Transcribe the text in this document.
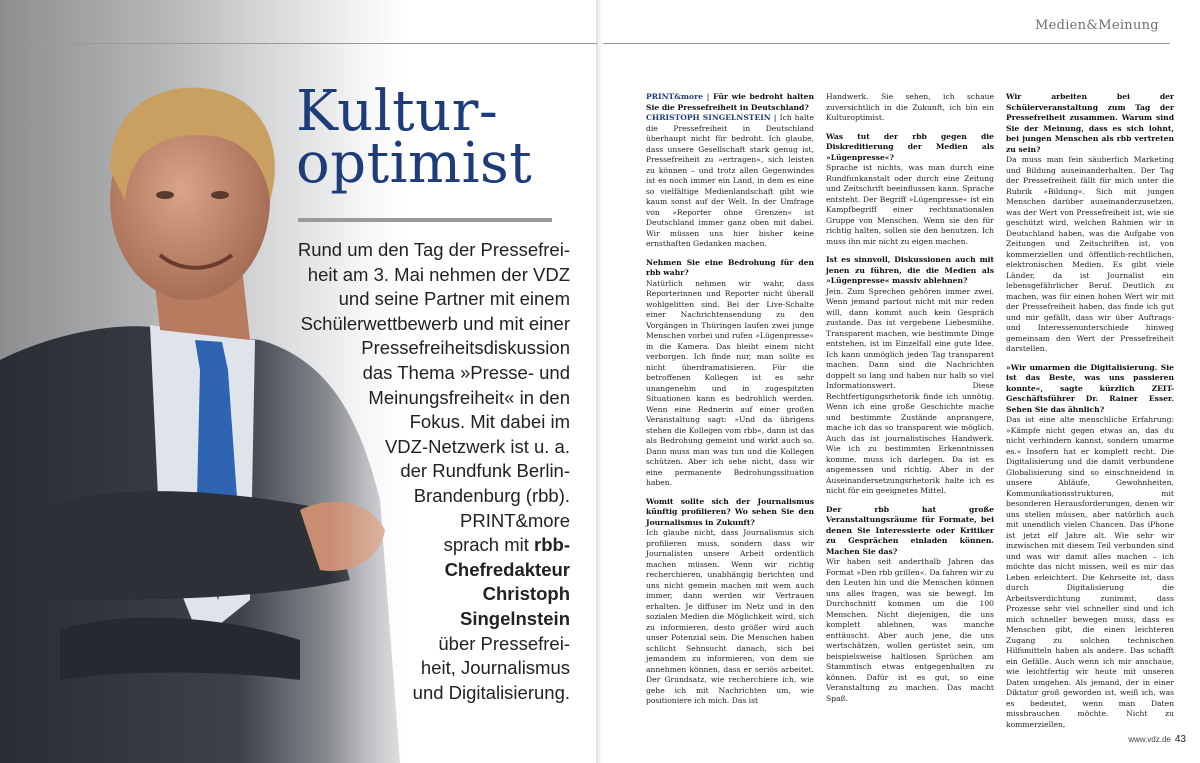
Kultur-
optimist
Rund um den Tag der Pressefrei-
heit am 3. Mai nehmen der VDZ
und seine Partner mit einem
Schülerwettbewerb und mit einer
Pressefreiheitsdiskussion
das Thema »Presse- und
Meinungsfreiheit« in den
Fokus. Mit dabei im
VDZ-Netzwerk ist u. a.
der Rundfunk Berlin-
Brandenburg (rbb).
PRINT&more
sprach mit rbb-
Chefredakteur
Christoph
Singelnstein
über Pressefrei-
heit, Journalismus
und Digitalisierung.
Medien&Meinung

PRINT&more | Für wie bedroht halten Sie die Pressefreiheit in Deutschland?

CHRISTOPH SINGELNSTEIN | Ich halte die Pressefreiheit in Deutschland überhaupt nicht für bedroht. Ich glaube, dass unsere Gesellschaft stark genug ist, Pressefreiheit zu »ertragen«, sich leisten zu können – und trotz allen Gegenwindes ist es noch immer ein Land, in dem es eine so vielfältige Medienlandschaft gibt wie kaum sonst auf der Welt. In der Umfrage von »Reporter ohne Grenzen« ist Deutschland immer ganz oben mit dabei. Wir müssen uns hier bisher keine ernsthaften Gedanken machen.

Nehmen Sie eine Bedrohung für den rbb wahr?

Natürlich nehmen wir wahr, dass Reporterinnen und Reporter nicht überall wohlgelitten sind. Bei der Live-Schalte einer Nachrichtensendung zu den Vorgängen in Thüringen laufen zwei junge Menschen vorbei und rufen »Lügenpresse« in die Kamera. Das bleibt einem nicht verborgen. Ich finde nur, man sollte es nicht überdramatisieren. Für die betroffenen Kollegen ist es sehr unangenehm und in zugespitzten Situationen kann es bedrohlich werden. Wenn eine Rednerin auf einer großen Veranstaltung sagt: »Und da übrigens stehen die Kollegen vom rbb«, dann ist das als Bedrohung gemeint und wirkt auch so. Dann muss man was tun und die Kollegen schützen. Aber ich sehe nicht, dass wir eine permanente Bedrohungssituation haben.

Womit sollte sich der Journalismus künftig profilieren? Wo sehen Sie den Journalismus in Zukunft?

Ich glaube nicht, dass Journalismus sich profilieren muss, sondern dass wir Journalisten unsere Arbeit ordentlich machen müssen. Wenn wir richtig recherchieren, unabhängig berichten und uns nicht gemein machen mit wem auch immer, dann werden wir Vertrauen erhalten. Je diffuser im Netz und in den sozialen Medien die Möglichkeit wird, sich zu informieren, desto größer wird auch unser Potenzial sein. Die Menschen haben schlicht Sehnsucht danach, sich bei jemandem zu informieren, von dem sie annehmen können, dass er seriös arbeitet. Der Grundsatz, wie recherchiere ich, wie gehe ich mit Nachrichten um, wie positioniere ich mich. Das ist

Handwerk. Sie sehen, ich schaue zuversichtlich in die Zukunft, ich bin ein Kulturoptimist.

Was tut der rbb gegen die Diskreditierung der Medien als »Lügenpresse«?

Sprache ist nichts, was man durch eine Rundfunkanstalt oder durch eine Zeitung und Zeitschrift beeinflussen kann. Sprache entsteht. Der Begriff »Lügenpresse« ist ein Kampfbegriff einer rechtsnationalen Gruppe von Menschen. Wenn sie den für richtig halten, sollen sie den benutzen. Ich muss ihn mir nicht zu eigen machen.

Ist es sinnvoll, Diskussionen auch mit jenen zu führen, die die Medien als »Lügenpresse« massiv ablehnen?

Jein. Zum Sprechen gehören immer zwei. Wenn jemand partout nicht mit mir reden will, dann kommt auch kein Gespräch zustande. Das ist vergebene Liebesmühe. Transparent machen, wie bestimmte Dinge entstehen, ist im Einzelfall eine gute Idee. Ich kann unmöglich jeden Tag transparent machen. Dann sind die Nachrichten doppelt so lang und haben nur halb so viel Informationswert. Diese Rechtfertigungsrhetorik finde ich unnötig. Wenn ich eine große Geschichte mache und bestimmte Zustände anprangere, mache ich das so transparent wie möglich. Auch das ist journalistisches Handwerk. Wie ich zu bestimmten Erkenntnissen komme, muss ich darlegen. Da ist es angemessen und richtig. Aber in der Auseinandersetzungsrhetorik halte ich es nicht für ein geeignetes Mittel.

Der rbb hat große Veranstaltungsräume für Formate, bei denen Sie Interessierte oder Kritiker zu Gesprächen einladen können. Machen Sie das?

Wir haben seit anderthalb Jahren das Format »Den rbb grillen«. Da fahren wir zu den Leuten hin und die Menschen können uns alles fragen, was sie bewegt. Im Durchschnitt kommen um die 100 Menschen. Nicht diejenigen, die uns komplett ablehnen, was manche enttäuscht. Aber auch jene, die uns wertschätzen, wollen gerüstet sein, um beispielsweise haltlosen Sprüchen am Stammtisch etwas entgegenhalten zu können. Dafür ist es gut, so eine Veranstaltung zu machen. Das macht Spaß.

Wir arbeiten bei der Schülerveranstaltung zum Tag der Pressefreiheit zusammen. Warum sind Sie der Meinung, dass es sich lohnt, bei jungen Menschen als rbb vertreten zu sein?

Da muss man fein säuberlich Marketing und Bildung auseinanderhalten. Der Tag der Pressefreiheit fällt für mich unter die Rubrik »Bildung«. Sich mit jungen Menschen darüber auseinanderzusetzen, was der Wert von Pressefreiheit ist, wie sie geschützt wird, welchen Rahmen wir in Deutschland haben, was die Aufgabe von Zeitungen und Zeitschriften ist, von kommerziellen und öffentlich-rechtlichen, elektronischen Medien. Es gibt viele Länder, da ist Journalist ein lebensgefährlicher Beruf. Deutlich zu machen, was für einen hohen Wert wir mit der Pressefreiheit haben, das finde ich gut und mir gefällt, dass wir über Auftrags- und Interessenunterschiede hinweg gemeinsam den Wert der Pressefreiheit darstellen.

»Wir umarmen die Digitalisierung. Sie ist das Beste, was uns passieren konnte«, sagte kürzlich ZEIT-Geschäftsführer Dr. Rainer Esser. Sehen Sie das ähnlich?

Das ist eine alte menschliche Erfahrung: »Kämpfe nicht gegen etwas an, das du nicht verhindern kannst, sondern umarme es.« Insofern hat er komplett recht. Die Digitalisierung und die damit verbundene Globalisierung sind so einschneidend in unsere Abläufe, Gewohnheiten, Kommunikationsstrukturen, mit besonderen Herausforderungen, denen wir uns stellen müssen, aber natürlich auch mit unendlich vielen Chancen. Das iPhone ist jetzt elf Jahre alt. Wie sehr wir inzwischen mit diesem Teil verbunden sind und was wir damit alles machen – ich möchte das nicht missen, weil es mir das Leben erleichtert. Die Kehrseite ist, dass durch Digitalisierung die Arbeitsverdichtung zunimmt, dass Prozesse sehr viel schneller sind und ich mich schneller bewegen muss, dass es Menschen gibt, die einen leichteren Zugang zu solchen technischen Hilfsmitteln haben als andere. Das schafft ein Gefälle. Auch wenn ich mir anschaue, wie leichtfertig wir heute mit unseren Daten umgehen. Als jemand, der in einer Diktatur groß geworden ist, weiß ich, was es bedeutet, wenn man Daten missbrauchen möchte. Nicht zu kommerziellen,

www.vdz.de 43
